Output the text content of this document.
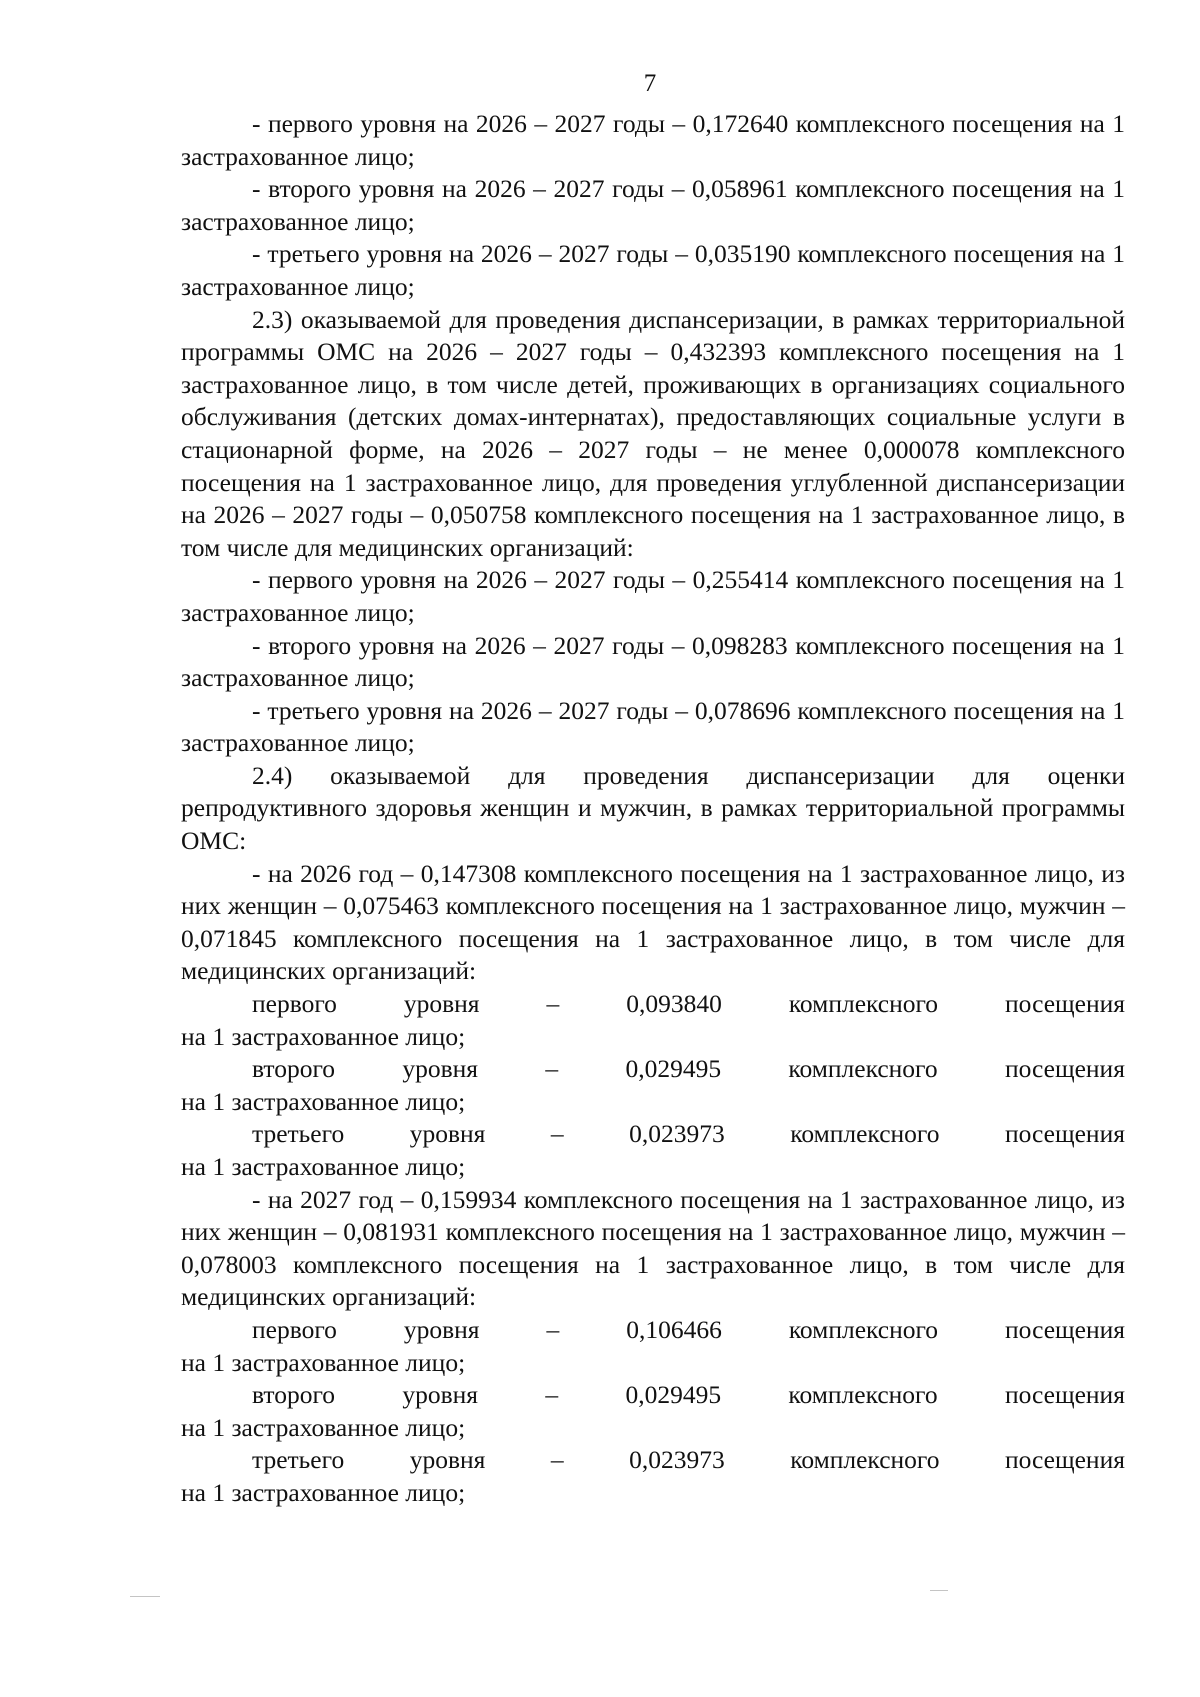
7

- первого уровня на 2026 – 2027 годы – 0,172640 комплексного посещения на 1 застрахованное лицо;

- второго уровня на 2026 – 2027 годы – 0,058961 комплексного посещения на 1 застрахованное лицо;

- третьего уровня на 2026 – 2027 годы – 0,035190 комплексного посещения на 1 застрахованное лицо;

2.3) оказываемой для проведения диспансеризации, в рамках территориальной программы ОМС на 2026 – 2027 годы – 0,432393 комплексного посещения на 1 застрахованное лицо, в том числе детей, проживающих в организациях социального обслуживания (детских домах-интернатах), предоставляющих социальные услуги в стационарной форме, на 2026 – 2027 годы – не менее 0,000078 комплексного посещения на 1 застрахованное лицо, для проведения углубленной диспансеризации на 2026 – 2027 годы – 0,050758 комплексного посещения на 1 застрахованное лицо, в том числе для медицинских организаций:

- первого уровня на 2026 – 2027 годы – 0,255414 комплексного посещения на 1 застрахованное лицо;

- второго уровня на 2026 – 2027 годы – 0,098283 комплексного посещения на 1 застрахованное лицо;

- третьего уровня на 2026 – 2027 годы – 0,078696 комплексного посещения на 1 застрахованное лицо;

2.4) оказываемой для проведения диспансеризации для оценки репродуктивного здоровья женщин и мужчин, в рамках территориальной программы ОМС:

- на 2026 год – 0,147308 комплексного посещения на 1 застрахованное лицо, из них женщин – 0,075463 комплексного посещения на 1 застрахованное лицо, мужчин – 0,071845 комплексного посещения на 1 застрахованное лицо, в том числе для медицинских организаций:

первого	уровня	–	0,093840	комплексного	посещения

на 1 застрахованное лицо;

второго	уровня	–	0,029495	комплексного	посещения

на 1 застрахованное лицо;

третьего	уровня	–	0,023973	комплексного	посещения

на 1 застрахованное лицо;

- на 2027 год – 0,159934 комплексного посещения на 1 застрахованное лицо, из них женщин – 0,081931 комплексного посещения на 1 застрахованное лицо, мужчин – 0,078003 комплексного посещения на 1 застрахованное лицо, в том числе для медицинских организаций:

первого	уровня	–	0,106466	комплексного	посещения

на 1 застрахованное лицо;

второго	уровня	–	0,029495	комплексного	посещения

на 1 застрахованное лицо;

третьего	уровня	–	0,023973	комплексного	посещения

на 1 застрахованное лицо;
